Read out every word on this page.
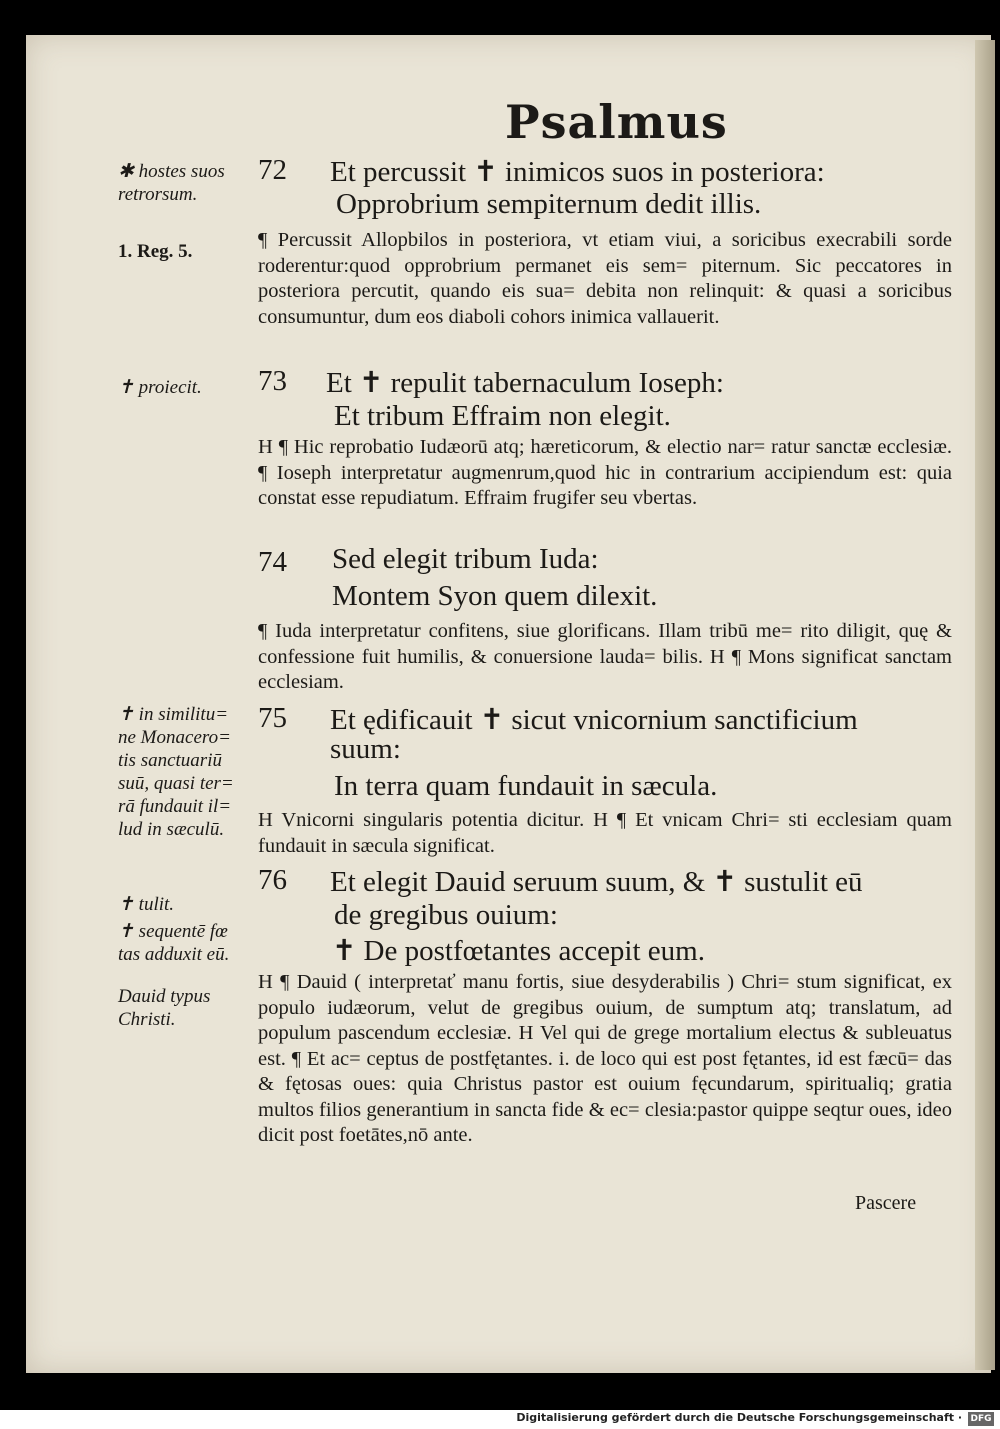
Psalmus
✱ hostes suos retrorsum.
1. Reg. 5.
✝ proiecit.
✝ in similitu= ne Monacero= tis sanctuariū suū, quasi ter= rā fundauit il= lud in sæculū.
✝ tulit.
✝ sequentē fœ tas adduxit eū.
Dauid typus Christi.
72 Et percussit ✝ inimicos suos in posteriora:
Opprobrium sempiternum dedit illis.
¶ Percussit Allopbilos in posteriora, vt etiam viui, a soricibus execrabili sorde roderentur:quod opprobrium permanet eis sem= piternum. Sic peccatores in posteriora percutit, quando eis sua= debita non relinquit: & quasi a soricibus consumuntur, dum eos diaboli cohors inimica vallauerit.
73 Et ✝ repulit tabernaculum Ioseph:
Et tribum Effraim non elegit.
H ¶ Hic reprobatio Iudæorū atq; hæreticorum, & electio nar= ratur sanctæ ecclesiæ. ¶ Ioseph interpretatur augmenrum,quod hic in contrarium accipiendum est: quia constat esse repudiatum. Effraim frugifer seu vbertas.
74 Sed elegit tribum Iuda:
Montem Syon quem dilexit.
¶ Iuda interpretatur confitens, siue glorificans. Illam tribū me= rito diligit, quę & confessione fuit humilis, & conuersione lauda= bilis. H ¶ Mons significat sanctam ecclesiam.
75 Et ędificauit ✝ sicut vnicornium sanctificium
suum:
In terra quam fundauit in sæcula.
H Vnicorni singularis potentia dicitur. H ¶ Et vnicam Chri= sti ecclesiam quam fundauit in sæcula significat.
76 Et elegit Dauid seruum suum, & ✝ sustulit eū
de gregibus ouium:
✝ De postfœtantes accepit eum.
H ¶ Dauid ( interpretať manu fortis, siue desyderabilis ) Chri= stum significat, ex populo iudæorum, velut de gregibus ouium, de sumptum atq; translatum, ad populum pascendum ecclesiæ. H Vel qui de grege mortalium electus & subleuatus est. ¶ Et ac= ceptus de postfętantes. i. de loco qui est post fętantes, id est fæcū= das & fętosas oues: quia Christus pastor est ouium fęcundarum, spiritualiq; gratia multos filios generantium in sancta fide & ec= clesia:pastor quippe seqtur oues, ideo dicit post foetātes,nō ante.
Pascere
Digitalisierung gefördert durch die Deutsche Forschungsgemeinschaft · DFG
